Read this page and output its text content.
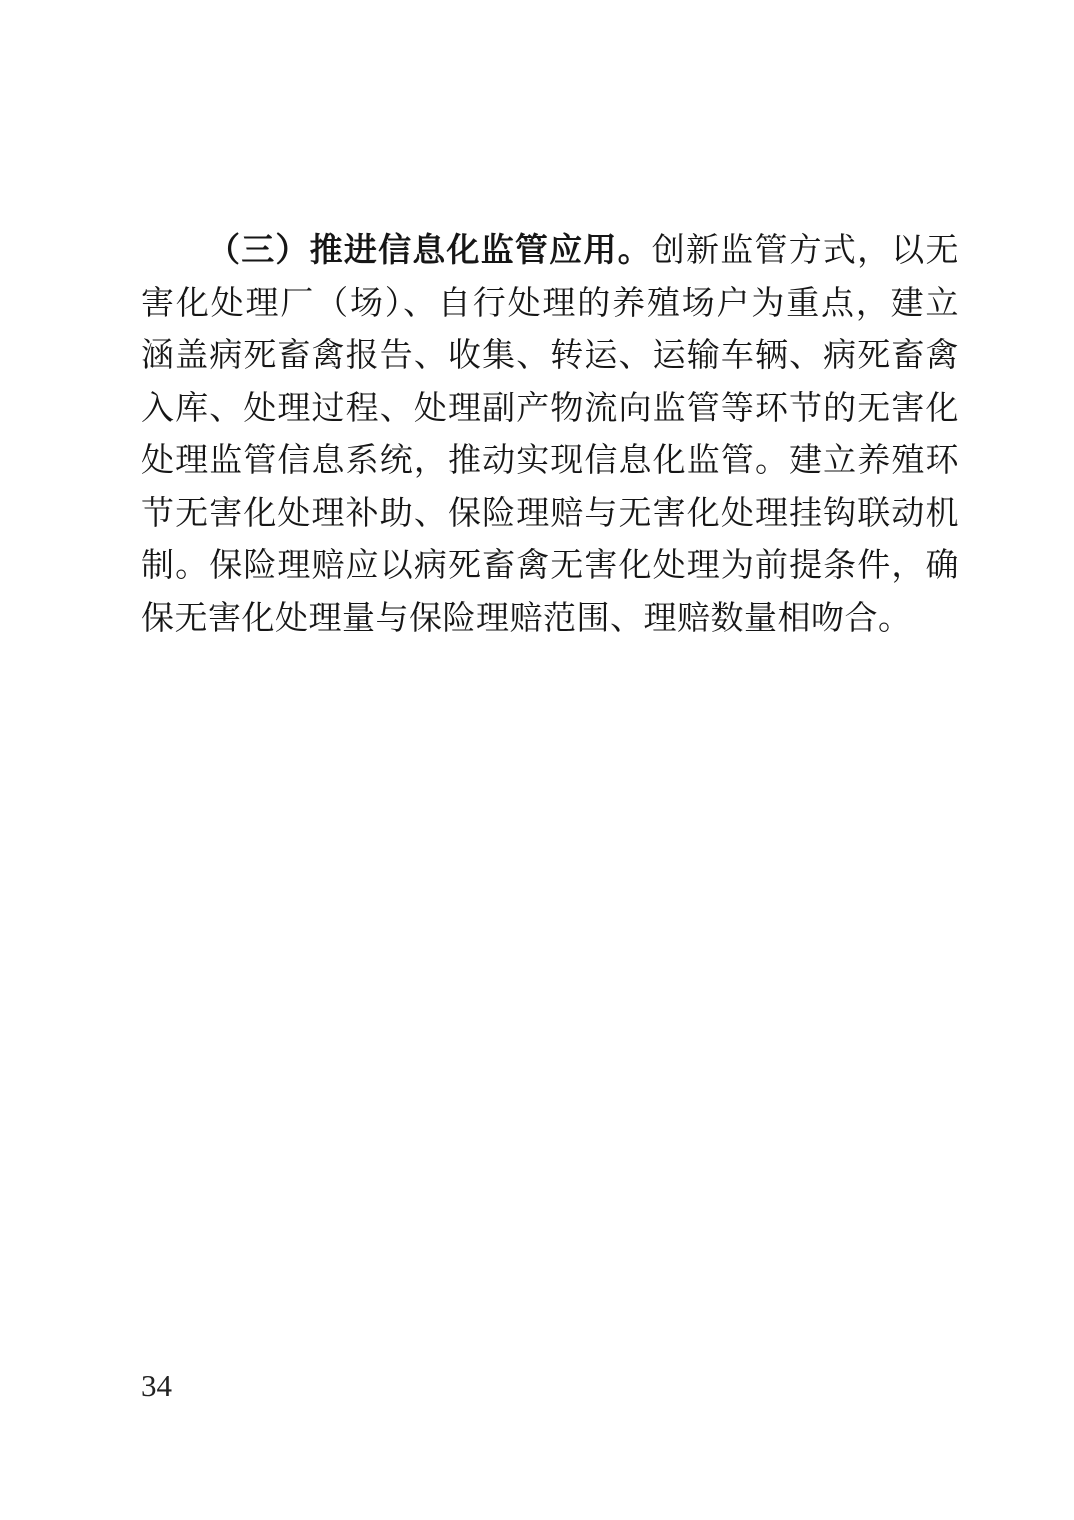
（三）推进信息化监管应用。创新监管方式，以无害化处理厂（场）、自行处理的养殖场户为重点，建立涵盖病死畜禽报告、收集、转运、运输车辆、病死畜禽入库、处理过程、处理副产物流向监管等环节的无害化处理监管信息系统，推动实现信息化监管。建立养殖环节无害化处理补助、保险理赔与无害化处理挂钩联动机制。保险理赔应以病死畜禽无害化处理为前提条件，确保无害化处理量与保险理赔范围、理赔数量相吻合。

34
